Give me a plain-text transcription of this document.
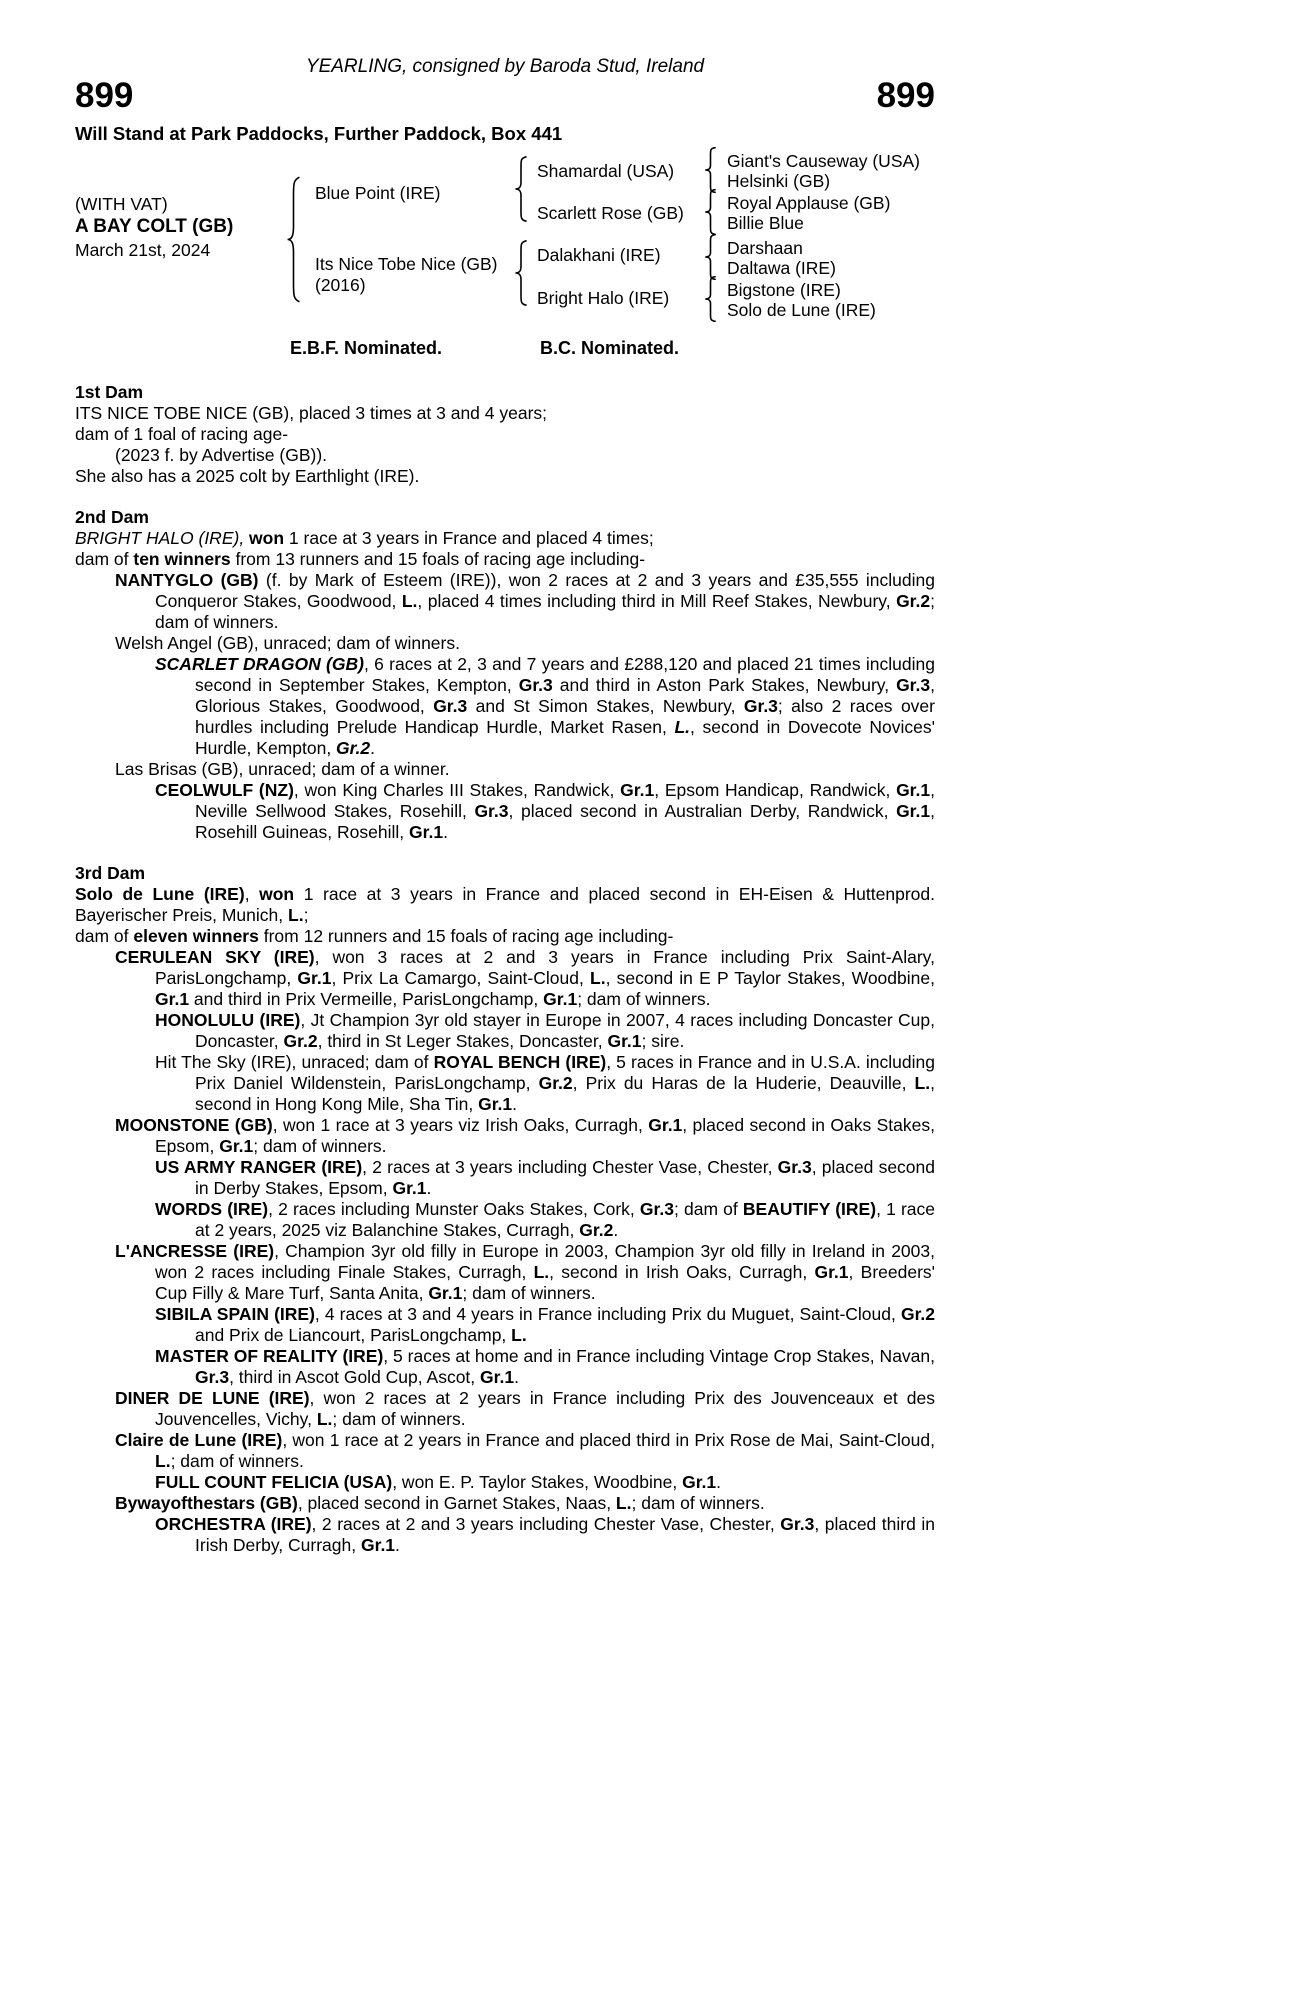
YEARLING, consigned by Baroda Stud, Ireland
899	899
Will Stand at Park Paddocks, Further Paddock, Box 441
(WITH VAT)
A BAY COLT (GB)
March 21st, 2024
Blue Point (IRE)
Its Nice Tobe Nice (GB)
(2016)
Shamardal (USA)
Scarlett Rose (GB)
Dalakhani (IRE)
Bright Halo (IRE)
Giant's Causeway (USA)
Helsinki (GB)
Royal Applause (GB)
Billie Blue
Darshaan
Daltawa (IRE)
Bigstone (IRE)
Solo de Lune (IRE)
E.B.F. Nominated.	B.C. Nominated.
1st Dam
ITS NICE TOBE NICE (GB), placed 3 times at 3 and 4 years;
dam of 1 foal of racing age-
(2023 f. by Advertise (GB)).
She also has a 2025 colt by Earthlight (IRE).
2nd Dam
BRIGHT HALO (IRE), won 1 race at 3 years in France and placed 4 times;
dam of ten winners from 13 runners and 15 foals of racing age including-
NANTYGLO (GB) (f. by Mark of Esteem (IRE)), won 2 races at 2 and 3 years and £35,555 including Conqueror Stakes, Goodwood, L., placed 4 times including third in Mill Reef Stakes, Newbury, Gr.2; dam of winners.
Welsh Angel (GB), unraced; dam of winners.
SCARLET DRAGON (GB), 6 races at 2, 3 and 7 years and £288,120 and placed 21 times including second in September Stakes, Kempton, Gr.3 and third in Aston Park Stakes, Newbury, Gr.3, Glorious Stakes, Goodwood, Gr.3 and St Simon Stakes, Newbury, Gr.3; also 2 races over hurdles including Prelude Handicap Hurdle, Market Rasen, L., second in Dovecote Novices' Hurdle, Kempton, Gr.2.
Las Brisas (GB), unraced; dam of a winner.
CEOLWULF (NZ), won King Charles III Stakes, Randwick, Gr.1, Epsom Handicap, Randwick, Gr.1, Neville Sellwood Stakes, Rosehill, Gr.3, placed second in Australian Derby, Randwick, Gr.1, Rosehill Guineas, Rosehill, Gr.1.
3rd Dam
Solo de Lune (IRE), won 1 race at 3 years in France and placed second in EH-Eisen & Huttenprod. Bayerischer Preis, Munich, L.;
dam of eleven winners from 12 runners and 15 foals of racing age including-
CERULEAN SKY (IRE), won 3 races at 2 and 3 years in France including Prix Saint-Alary, ParisLongchamp, Gr.1, Prix La Camargo, Saint-Cloud, L., second in E P Taylor Stakes, Woodbine, Gr.1 and third in Prix Vermeille, ParisLongchamp, Gr.1; dam of winners.
HONOLULU (IRE), Jt Champion 3yr old stayer in Europe in 2007, 4 races including Doncaster Cup, Doncaster, Gr.2, third in St Leger Stakes, Doncaster, Gr.1; sire.
Hit The Sky (IRE), unraced; dam of ROYAL BENCH (IRE), 5 races in France and in U.S.A. including Prix Daniel Wildenstein, ParisLongchamp, Gr.2, Prix du Haras de la Huderie, Deauville, L., second in Hong Kong Mile, Sha Tin, Gr.1.
MOONSTONE (GB), won 1 race at 3 years viz Irish Oaks, Curragh, Gr.1, placed second in Oaks Stakes, Epsom, Gr.1; dam of winners.
US ARMY RANGER (IRE), 2 races at 3 years including Chester Vase, Chester, Gr.3, placed second in Derby Stakes, Epsom, Gr.1.
WORDS (IRE), 2 races including Munster Oaks Stakes, Cork, Gr.3; dam of BEAUTIFY (IRE), 1 race at 2 years, 2025 viz Balanchine Stakes, Curragh, Gr.2.
L'ANCRESSE (IRE), Champion 3yr old filly in Europe in 2003, Champion 3yr old filly in Ireland in 2003, won 2 races including Finale Stakes, Curragh, L., second in Irish Oaks, Curragh, Gr.1, Breeders' Cup Filly & Mare Turf, Santa Anita, Gr.1; dam of winners.
SIBILA SPAIN (IRE), 4 races at 3 and 4 years in France including Prix du Muguet, Saint-Cloud, Gr.2 and Prix de Liancourt, ParisLongchamp, L.
MASTER OF REALITY (IRE), 5 races at home and in France including Vintage Crop Stakes, Navan, Gr.3, third in Ascot Gold Cup, Ascot, Gr.1.
DINER DE LUNE (IRE), won 2 races at 2 years in France including Prix des Jouvenceaux et des Jouvencelles, Vichy, L.; dam of winners.
Claire de Lune (IRE), won 1 race at 2 years in France and placed third in Prix Rose de Mai, Saint-Cloud, L.; dam of winners.
FULL COUNT FELICIA (USA), won E. P. Taylor Stakes, Woodbine, Gr.1.
Bywayofthestars (GB), placed second in Garnet Stakes, Naas, L.; dam of winners.
ORCHESTRA (IRE), 2 races at 2 and 3 years including Chester Vase, Chester, Gr.3, placed third in Irish Derby, Curragh, Gr.1.
